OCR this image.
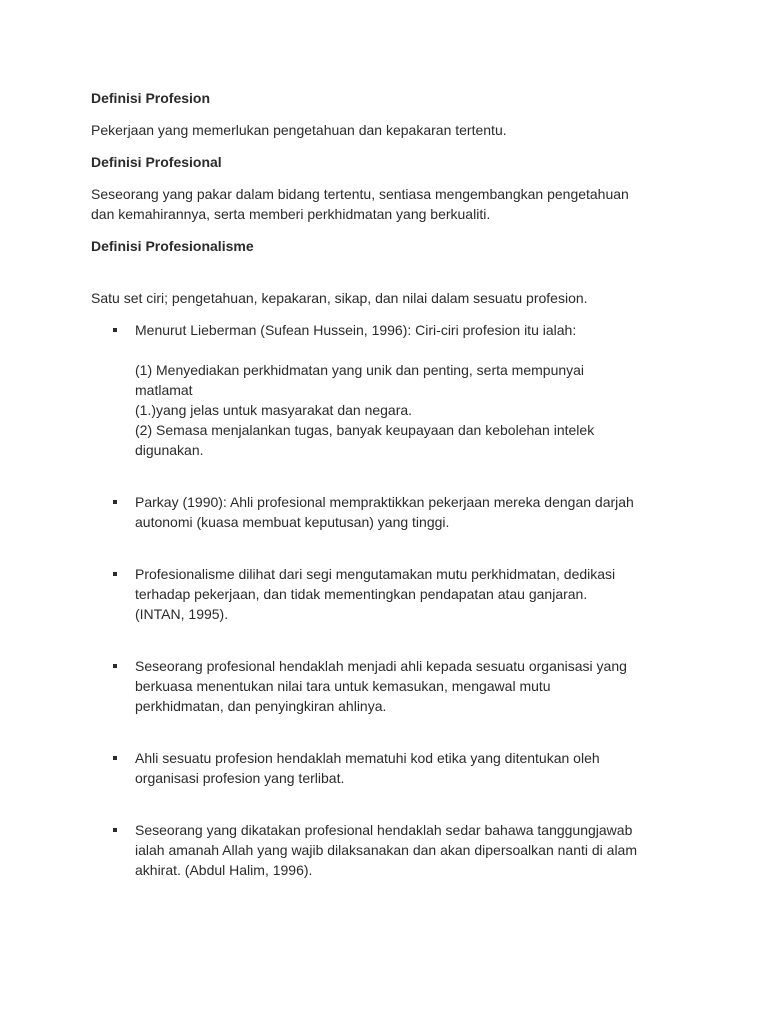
Definisi Profesion

Pekerjaan yang memerlukan pengetahuan dan kepakaran tertentu.

Definisi Profesional

Seseorang yang pakar dalam bidang tertentu, sentiasa mengembangkan pengetahuan
dan kemahirannya, serta memberi perkhidmatan yang berkualiti.

Definisi Profesionalisme

Satu set ciri; pengetahuan, kepakaran, sikap, dan nilai dalam sesuatu profesion.

Menurut Lieberman (Sufean Hussein, 1996): Ciri-ciri profesion itu ialah:
(1) Menyediakan perkhidmatan yang unik dan penting, serta mempunyai
matlamat
(1.)yang jelas untuk masyarakat dan negara.
(2) Semasa menjalankan tugas, banyak keupayaan dan kebolehan intelek
digunakan.
Parkay (1990): Ahli profesional mempraktikkan pekerjaan mereka dengan darjah
autonomi (kuasa membuat keputusan) yang tinggi.
Profesionalisme dilihat dari segi mengutamakan mutu perkhidmatan, dedikasi
terhadap pekerjaan, dan tidak mementingkan pendapatan atau ganjaran.
(INTAN, 1995).
Seseorang profesional hendaklah menjadi ahli kepada sesuatu organisasi yang
berkuasa menentukan nilai tara untuk kemasukan, mengawal mutu
perkhidmatan, dan penyingkiran ahlinya.
Ahli sesuatu profesion hendaklah mematuhi kod etika yang ditentukan oleh
organisasi profesion yang terlibat.
Seseorang yang dikatakan profesional hendaklah sedar bahawa tanggungjawab
ialah amanah Allah yang wajib dilaksanakan dan akan dipersoalkan nanti di alam
akhirat. (Abdul Halim, 1996).
